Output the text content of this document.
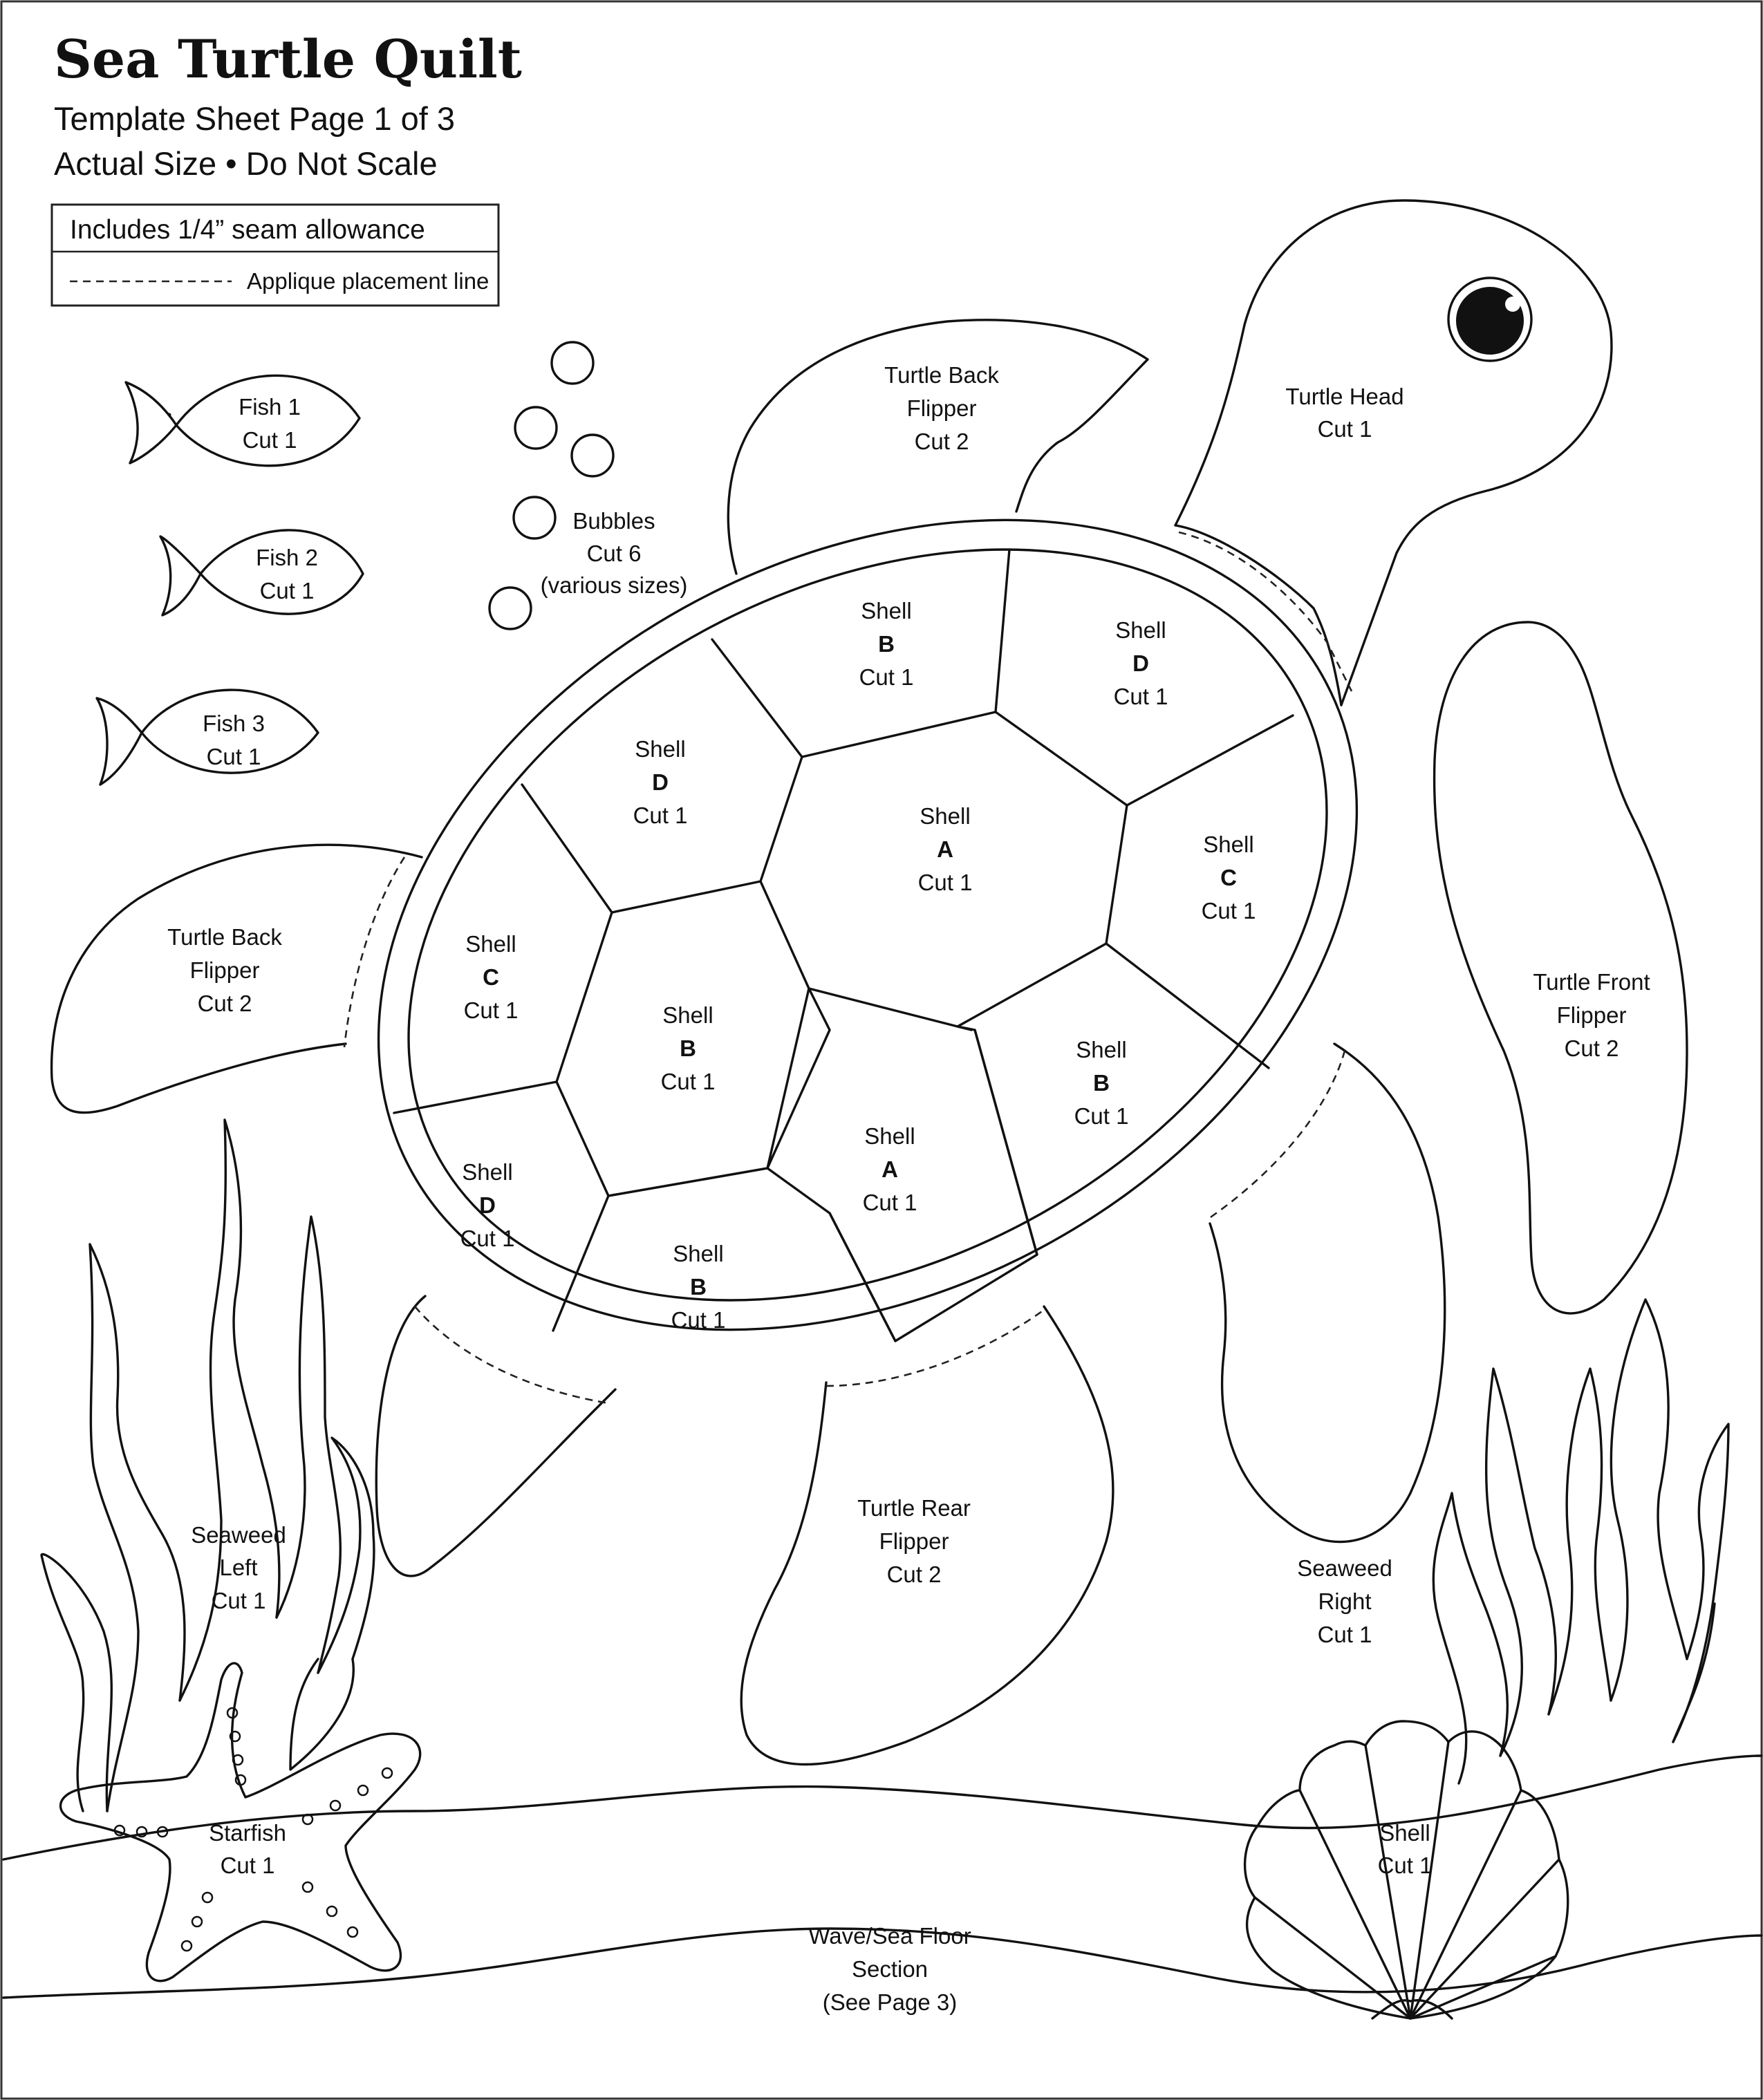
Sea Turtle Quilt
Template Sheet Page 1 of 3
Actual Size • Do Not Scale
Includes 1/4” seam allowance
Applique placement line
Fish 1
Cut 1
Fish 2
Cut 1
Fish 3
Cut 1
Bubbles
Cut 6
(various sizes)
Turtle Head
Cut 1
Turtle Back
Flipper
Cut 2
Turtle Back
Flipper
Cut 2
Turtle Front
Flipper
Cut 2
Turtle Rear
Flipper
Cut 2
Shell
B
Cut 1
Shell
D
Cut 1
Shell
D
Cut 1	Shell
A
Cut 1
Shell
C
Cut 1
Shell
C
Cut 1	Shell
B
Cut 1
Shell
B
Cut 1
Shell
A
Cut 1
Shell
D
Cut 1
Shell
B
Cut 1
Seaweed
Left
Cut 1
Seaweed
Right
Cut 1
Wave/Sea Floor
Section
(See Page 3)
Starfish
Cut 1
Shell
Cut 1
